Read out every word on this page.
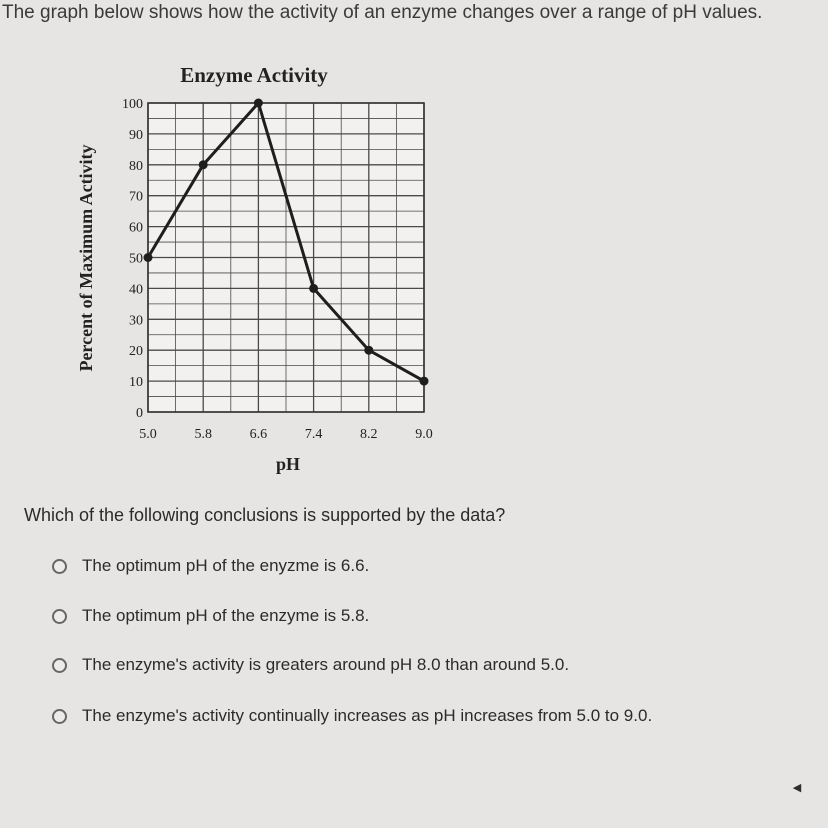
The graph below shows how the activity of an enzyme changes over a range of pH values.
0
10
20
30
40
50
60
70
80
90
100
5.0	5.8	6.6	7.4	8.2	9.0
Enzyme Activity
pH
Percent of Maximum Activity
Which of the following conclusions is supported by the data?
The optimum pH of the enyzme is 6.6.
The optimum pH of the enzyme is 5.8.
The enzyme's activity is greaters around pH 8.0 than around 5.0.
The enzyme's activity continually increases as pH increases from 5.0 to 9.0.
◀
